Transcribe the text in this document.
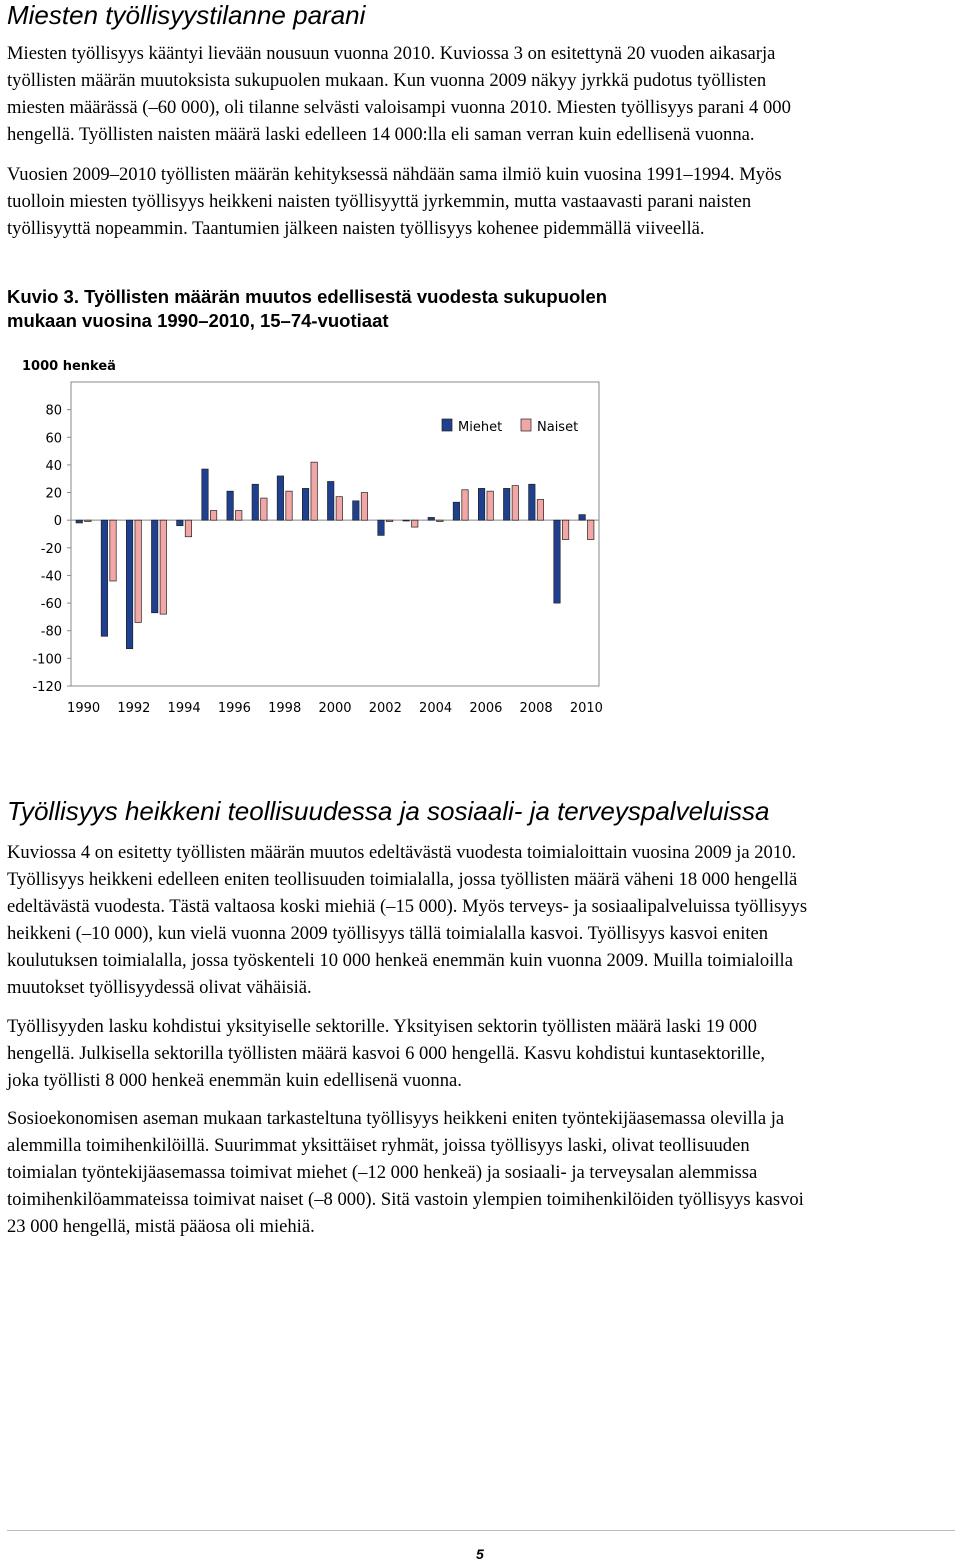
Miesten työllisyystilanne parani

Miesten työllisyys kääntyi lievään nousuun vuonna 2010. Kuviossa 3 on esitettynä 20 vuoden aikasarja
työllisten määrän muutoksista sukupuolen mukaan. Kun vuonna 2009 näkyy jyrkkä pudotus työllisten
miesten määrässä (–60 000), oli tilanne selvästi valoisampi vuonna 2010. Miesten työllisyys parani 4 000
hengellä. Työllisten naisten määrä laski edelleen 14 000:lla eli saman verran kuin edellisenä vuonna.

Vuosien 2009–2010 työllisten määrän kehityksessä nähdään sama ilmiö kuin vuosina 1991–1994. Myös
tuolloin miesten työllisyys heikkeni naisten työllisyyttä jyrkemmin, mutta vastaavasti parani naisten
työllisyyttä nopeammin. Taantumien jälkeen naisten työllisyys kohenee pidemmällä viiveellä.

Kuvio 3. Työllisten määrän muutos edellisestä vuodesta sukupuolen
mukaan vuosina 1990–2010, 15–74-vuotiaat
1000 henkeä
80
60
40
20
0
-20
-40
-60
-80
-100
-120
1990 1992 1994 1996 1998 2000 2002 2004 2006 2008 2010
Miehet	Naiset
Työllisyys heikkeni teollisuudessa ja sosiaali- ja terveyspalveluissa

Kuviossa 4 on esitetty työllisten määrän muutos edeltävästä vuodesta toimialoittain vuosina 2009 ja 2010.
Työllisyys heikkeni edelleen eniten teollisuuden toimialalla, jossa työllisten määrä väheni 18 000 hengellä
edeltävästä vuodesta. Tästä valtaosa koski miehiä (–15 000). Myös terveys- ja sosiaalipalveluissa työllisyys
heikkeni (–10 000), kun vielä vuonna 2009 työllisyys tällä toimialalla kasvoi. Työllisyys kasvoi eniten
koulutuksen toimialalla, jossa työskenteli 10 000 henkeä enemmän kuin vuonna 2009. Muilla toimialoilla
muutokset työllisyydessä olivat vähäisiä.

Työllisyyden lasku kohdistui yksityiselle sektorille. Yksityisen sektorin työllisten määrä laski 19 000
hengellä. Julkisella sektorilla työllisten määrä kasvoi 6 000 hengellä. Kasvu kohdistui kuntasektorille,
joka työllisti 8 000 henkeä enemmän kuin edellisenä vuonna.

Sosioekonomisen aseman mukaan tarkasteltuna työllisyys heikkeni eniten työntekijäasemassa olevilla ja
alemmilla toimihenkilöillä. Suurimmat yksittäiset ryhmät, joissa työllisyys laski, olivat teollisuuden
toimialan työntekijäasemassa toimivat miehet (–12 000 henkeä) ja sosiaali- ja terveysalan alemmissa
toimihenkilöammateissa toimivat naiset (–8 000). Sitä vastoin ylempien toimihenkilöiden työllisyys kasvoi
23 000 hengellä, mistä pääosa oli miehiä.

5
